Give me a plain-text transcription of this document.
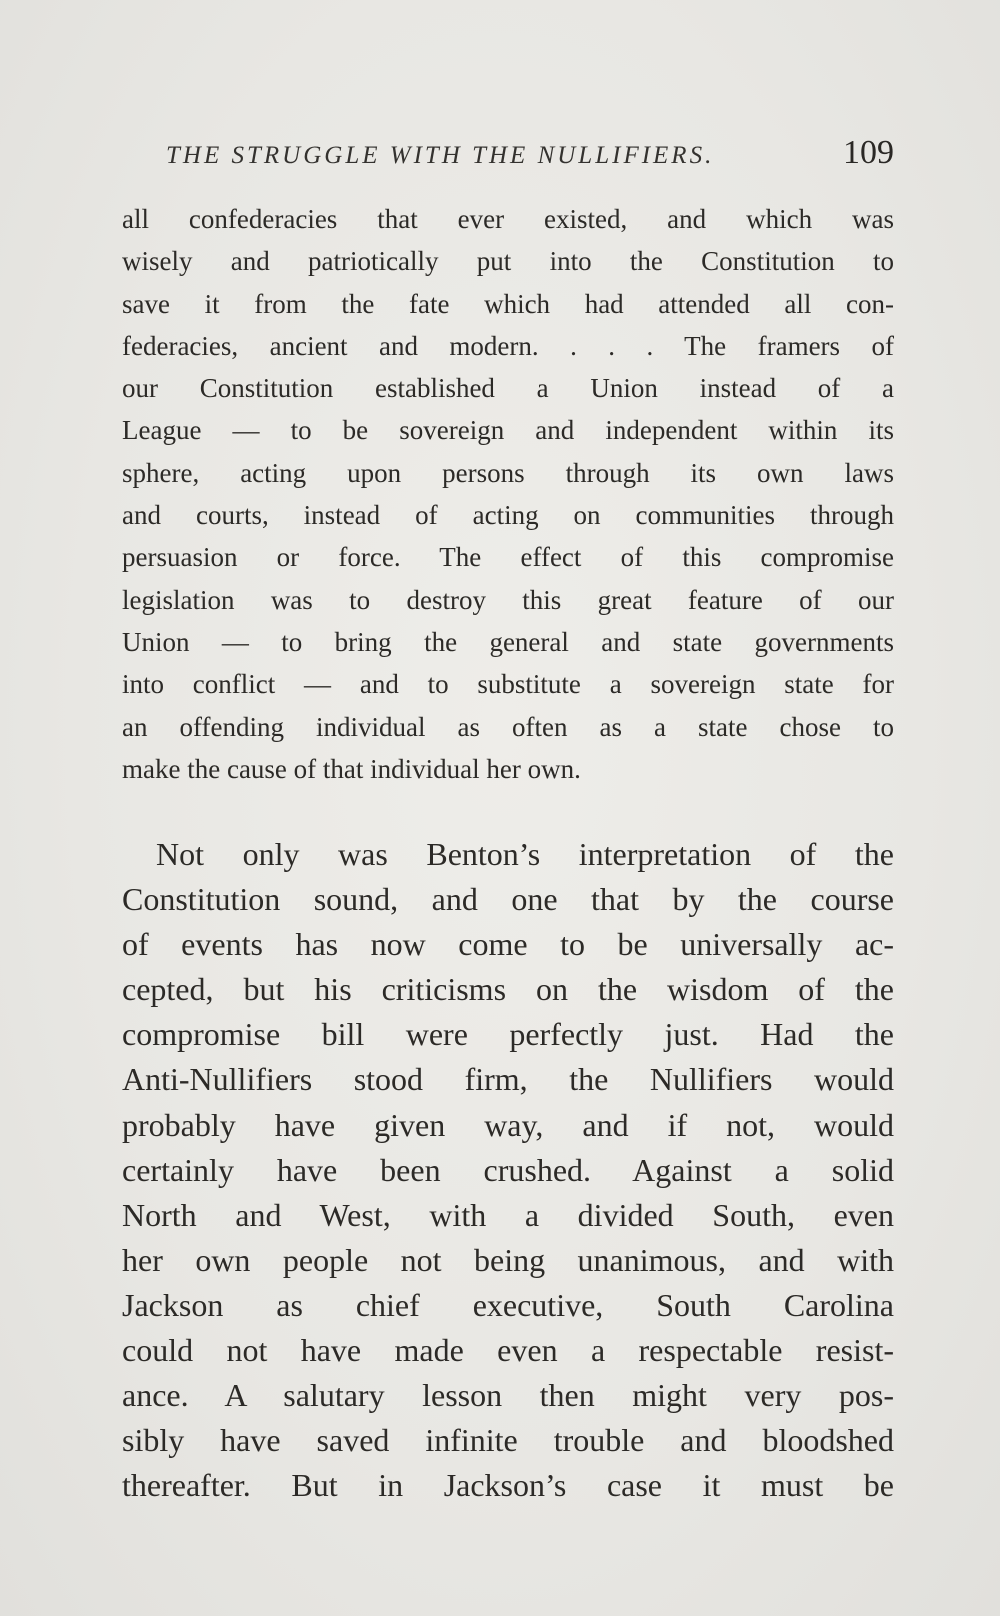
THE STRUGGLE WITH THE NULLIFIERS.	109
all confederacies that ever existed, and which was
wisely and patriotically put into the Constitution to
save it from the fate which had attended all con-
federacies, ancient and modern. . . . The framers of
our Constitution established a Union instead of a
League — to be sovereign and independent within its
sphere, acting upon persons through its own laws
and courts, instead of acting on communities through
persuasion or force. The effect of this compromise
legislation was to destroy this great feature of our
Union — to bring the general and state governments
into conflict — and to substitute a sovereign state for
an offending individual as often as a state chose to
make the cause of that individual her own.
Not only was Benton’s interpretation of the
Constitution sound, and one that by the course
of events has now come to be universally ac-
cepted, but his criticisms on the wisdom of the
compromise bill were perfectly just. Had the
Anti-Nullifiers stood firm, the Nullifiers would
probably have given way, and if not, would
certainly have been crushed. Against a solid
North and West, with a divided South, even
her own people not being unanimous, and with
Jackson as chief executive, South Carolina
could not have made even a respectable resist-
ance. A salutary lesson then might very pos-
sibly have saved infinite trouble and bloodshed
thereafter. But in Jackson’s case it must be
